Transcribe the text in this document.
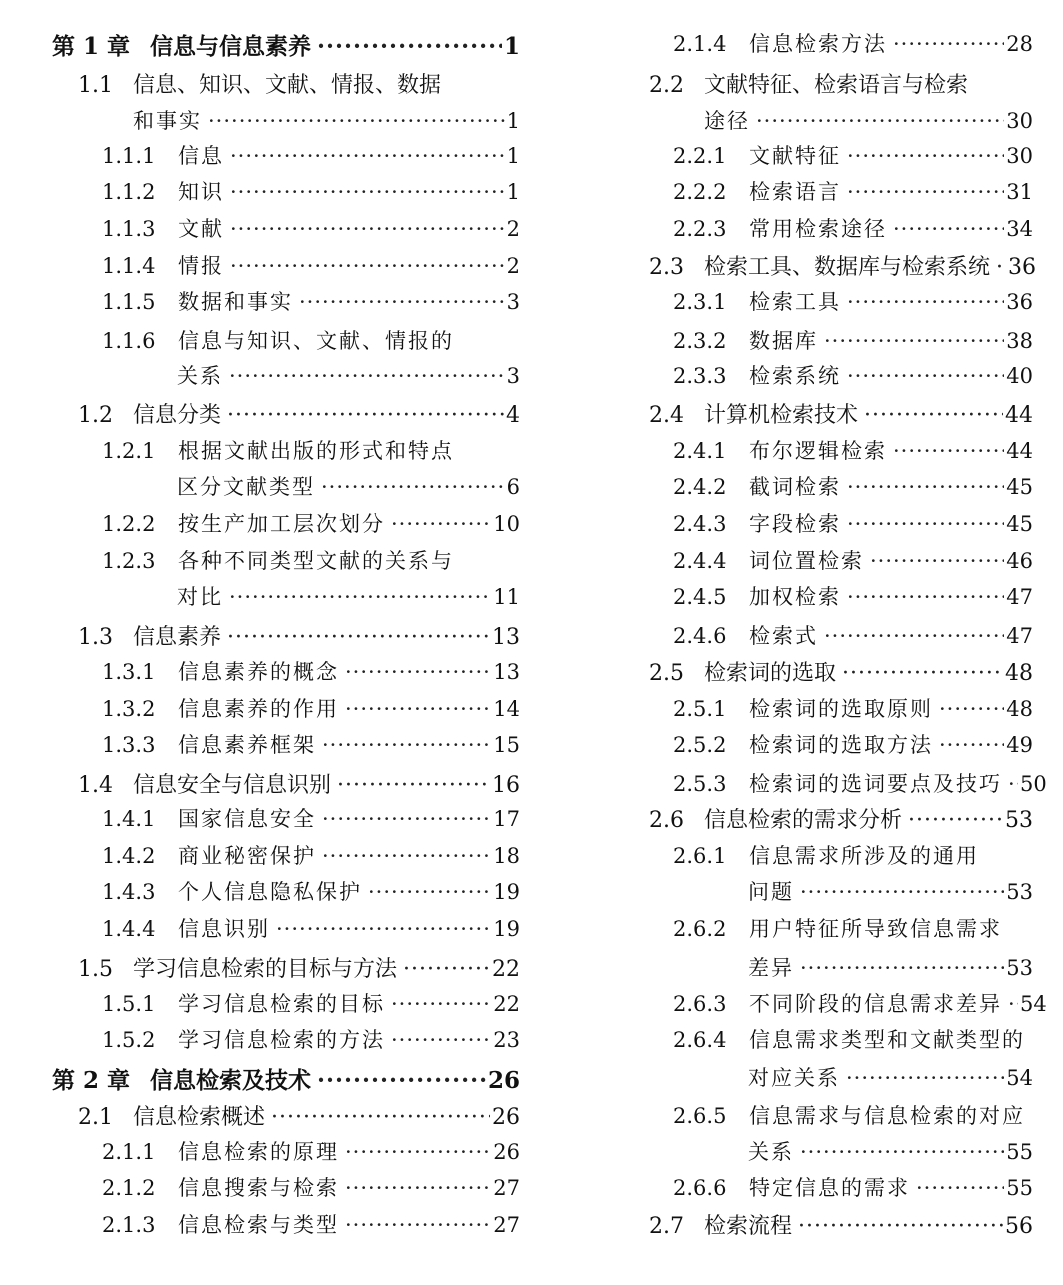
第 1 章 信息与信息素养 ·····	1
1.1 信息、知识、文献、情报、数据
和事实 ·····	1
1.1.1	信息 ·····	1
1.1.2	知识 ·····	1
1.1.3	文献 ·····	2
1.1.4	情报 ·····	2
1.1.5	数据和事实 ·····	3
1.1.6	信息与知识、文献、情报的
关系 ·····	3
1.2 信息分类 ·····	4
1.2.1	根据文献出版的形式和特点
区分文献类型 ·····	6
1.2.2	按生产加工层次划分 ·····	10
1.2.3	各种不同类型文献的关系与
对比 ·····	11
1.3 信息素养 ·····	13
1.3.1	信息素养的概念 ·····	13
1.3.2	信息素养的作用 ·····	14
1.3.3	信息素养框架 ·····	15
1.4 信息安全与信息识别 ·····	16
1.4.1	国家信息安全 ·····	17
1.4.2	商业秘密保护 ·····	18
1.4.3	个人信息隐私保护 ·····	19
1.4.4	信息识别 ·····	19
1.5 学习信息检索的目标与方法 ·····	22
1.5.1	学习信息检索的目标 ·····	22
1.5.2	学习信息检索的方法 ·····	23
第 2 章 信息检索及技术 ·····	26
2.1 信息检索概述 ·····	26
2.1.1	信息检索的原理 ·····	26
2.1.2	信息搜索与检索 ·····	27
2.1.3	信息检索与类型 ·····	27
2.1.4	信息检索方法 ·····	28
2.2 文献特征、检索语言与检索
途径 ·····	30
2.2.1	文献特征 ·····	30
2.2.2	检索语言 ·····	31
2.2.3	常用检索途径 ·····	34
2.3 检索工具、数据库与检索系统 ····· 36
2.3.1	检索工具 ·····	36
2.3.2	数据库 ·····	38
2.3.3	检索系统 ·····	40
2.4 计算机检索技术 ·····	44
2.4.1	布尔逻辑检索 ·····	44
2.4.2	截词检索 ·····	45
2.4.3	字段检索 ·····	45
2.4.4	词位置检索 ·····	46
2.4.5	加权检索 ·····	47
2.4.6	检索式 ·····	47
2.5 检索词的选取 ·····	48
2.5.1	检索词的选取原则 ·····	48
2.5.2	检索词的选取方法 ·····	49
2.5.3	检索词的选词要点及技巧 ····· 50
2.6 信息检索的需求分析 ·····	53
2.6.1	信息需求所涉及的通用
问题 ·····	53
2.6.2	用户特征所导致信息需求
差异 ·····	53
2.6.3	不同阶段的信息需求差异 ····· 54
2.6.4	信息需求类型和文献类型的
对应关系 ·····	54
2.6.5	信息需求与信息检索的对应
关系 ·····	55
2.6.6	特定信息的需求 ·····	55
2.7 检索流程 ·····	56
